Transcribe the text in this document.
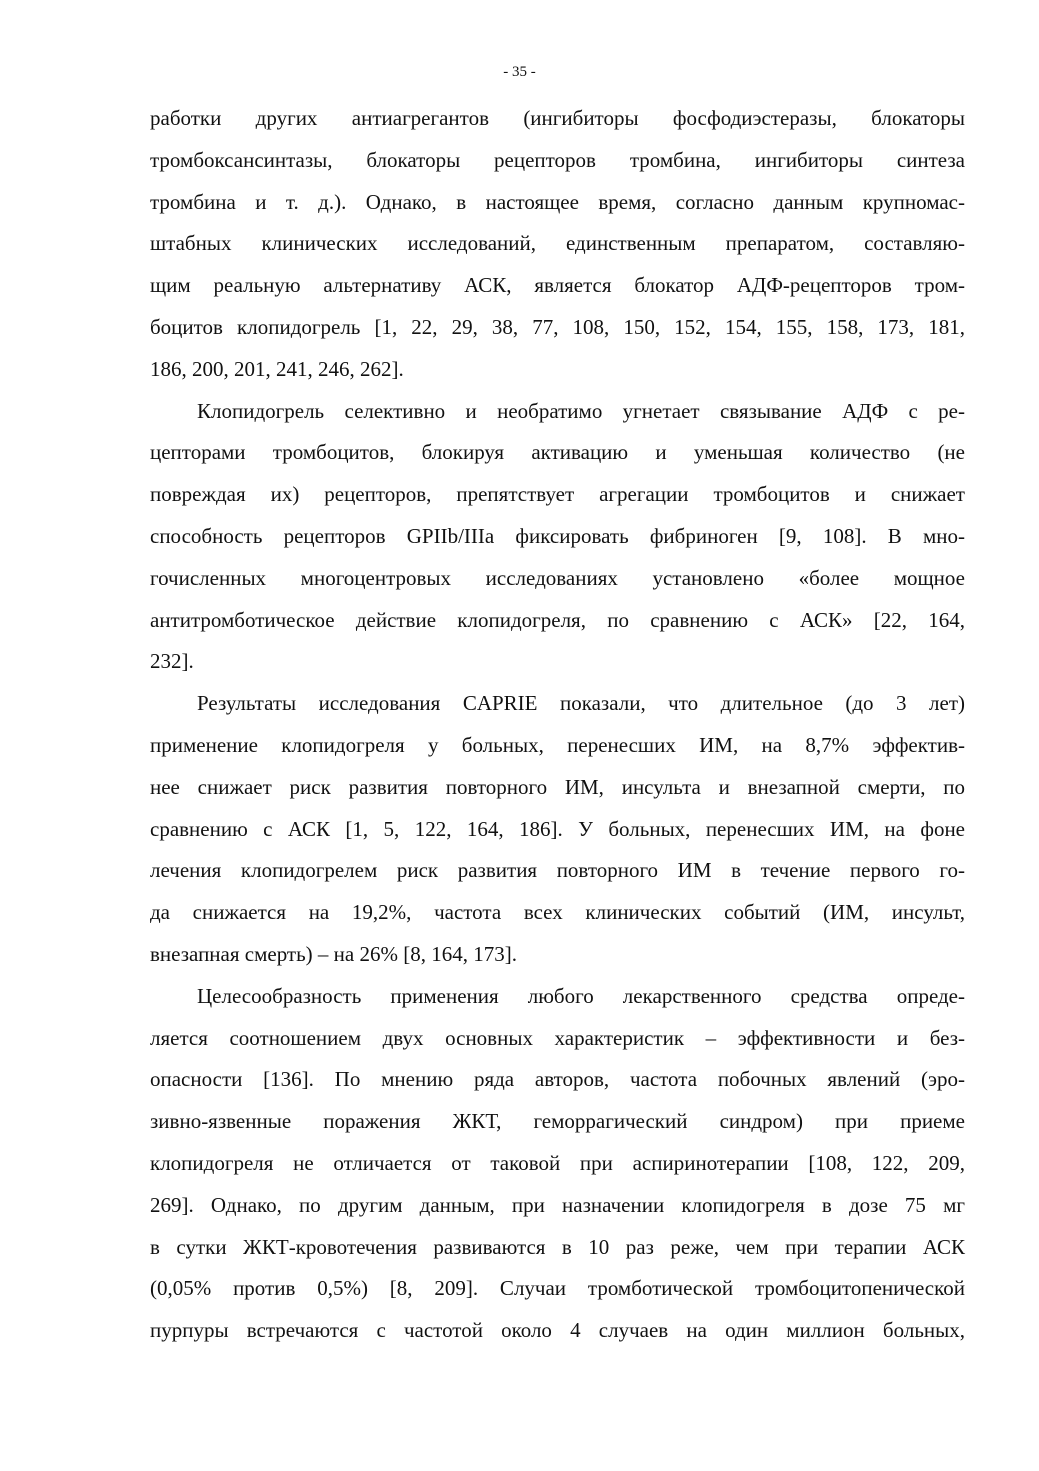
- 35 -
работки других антиагрегантов (ингибиторы фосфодиэстеразы, блокаторы
тромбоксансинтазы, блокаторы рецепторов тромбина, ингибиторы синтеза
тромбина и т. д.). Однако, в настоящее время, согласно данным крупномас-
штабных клинических исследований, единственным препаратом, составляю-
щим реальную альтернативу АСК, является блокатор АДФ-рецепторов тром-
боцитов клопидогрель [1, 22, 29, 38, 77, 108, 150, 152, 154, 155, 158, 173, 181,
186, 200, 201, 241, 246, 262].
Клопидогрель селективно и необратимо угнетает связывание АДФ с ре-
цепторами тромбоцитов, блокируя активацию и уменьшая количество (не
повреждая их) рецепторов, препятствует агрегации тромбоцитов и снижает
способность рецепторов GPIIb/IIIa фиксировать фибриноген [9, 108]. В мно-
гочисленных многоцентровых исследованиях установлено «более мощное
антитромботическое действие клопидогреля, по сравнению с АСК» [22, 164,
232].
Результаты исследования CAPRIE показали, что длительное (до 3 лет)
применение клопидогреля у больных, перенесших ИМ, на 8,7% эффектив-
нее снижает риск развития повторного ИМ, инсульта и внезапной смерти, по
сравнению с АСК [1, 5, 122, 164, 186]. У больных, перенесших ИМ, на фоне
лечения клопидогрелем риск развития повторного ИМ в течение первого го-
да снижается на 19,2%, частота всех клинических событий (ИМ, инсульт,
внезапная смерть) – на 26% [8, 164, 173].
Целесообразность применения любого лекарственного средства опреде-
ляется соотношением двух основных характеристик – эффективности и без-
опасности [136]. По мнению ряда авторов, частота побочных явлений (эро-
зивно-язвенные поражения ЖКТ, геморрагический синдром) при приеме
клопидогреля не отличается от таковой при аспиринотерапии [108, 122, 209,
269]. Однако, по другим данным, при назначении клопидогреля в дозе 75 мг
в сутки ЖКТ-кровотечения развиваются в 10 раз реже, чем при терапии АСК
(0,05% против 0,5%) [8, 209]. Случаи тромботической тромбоцитопенической
пурпуры встречаются с частотой около 4 случаев на один миллион больных,
